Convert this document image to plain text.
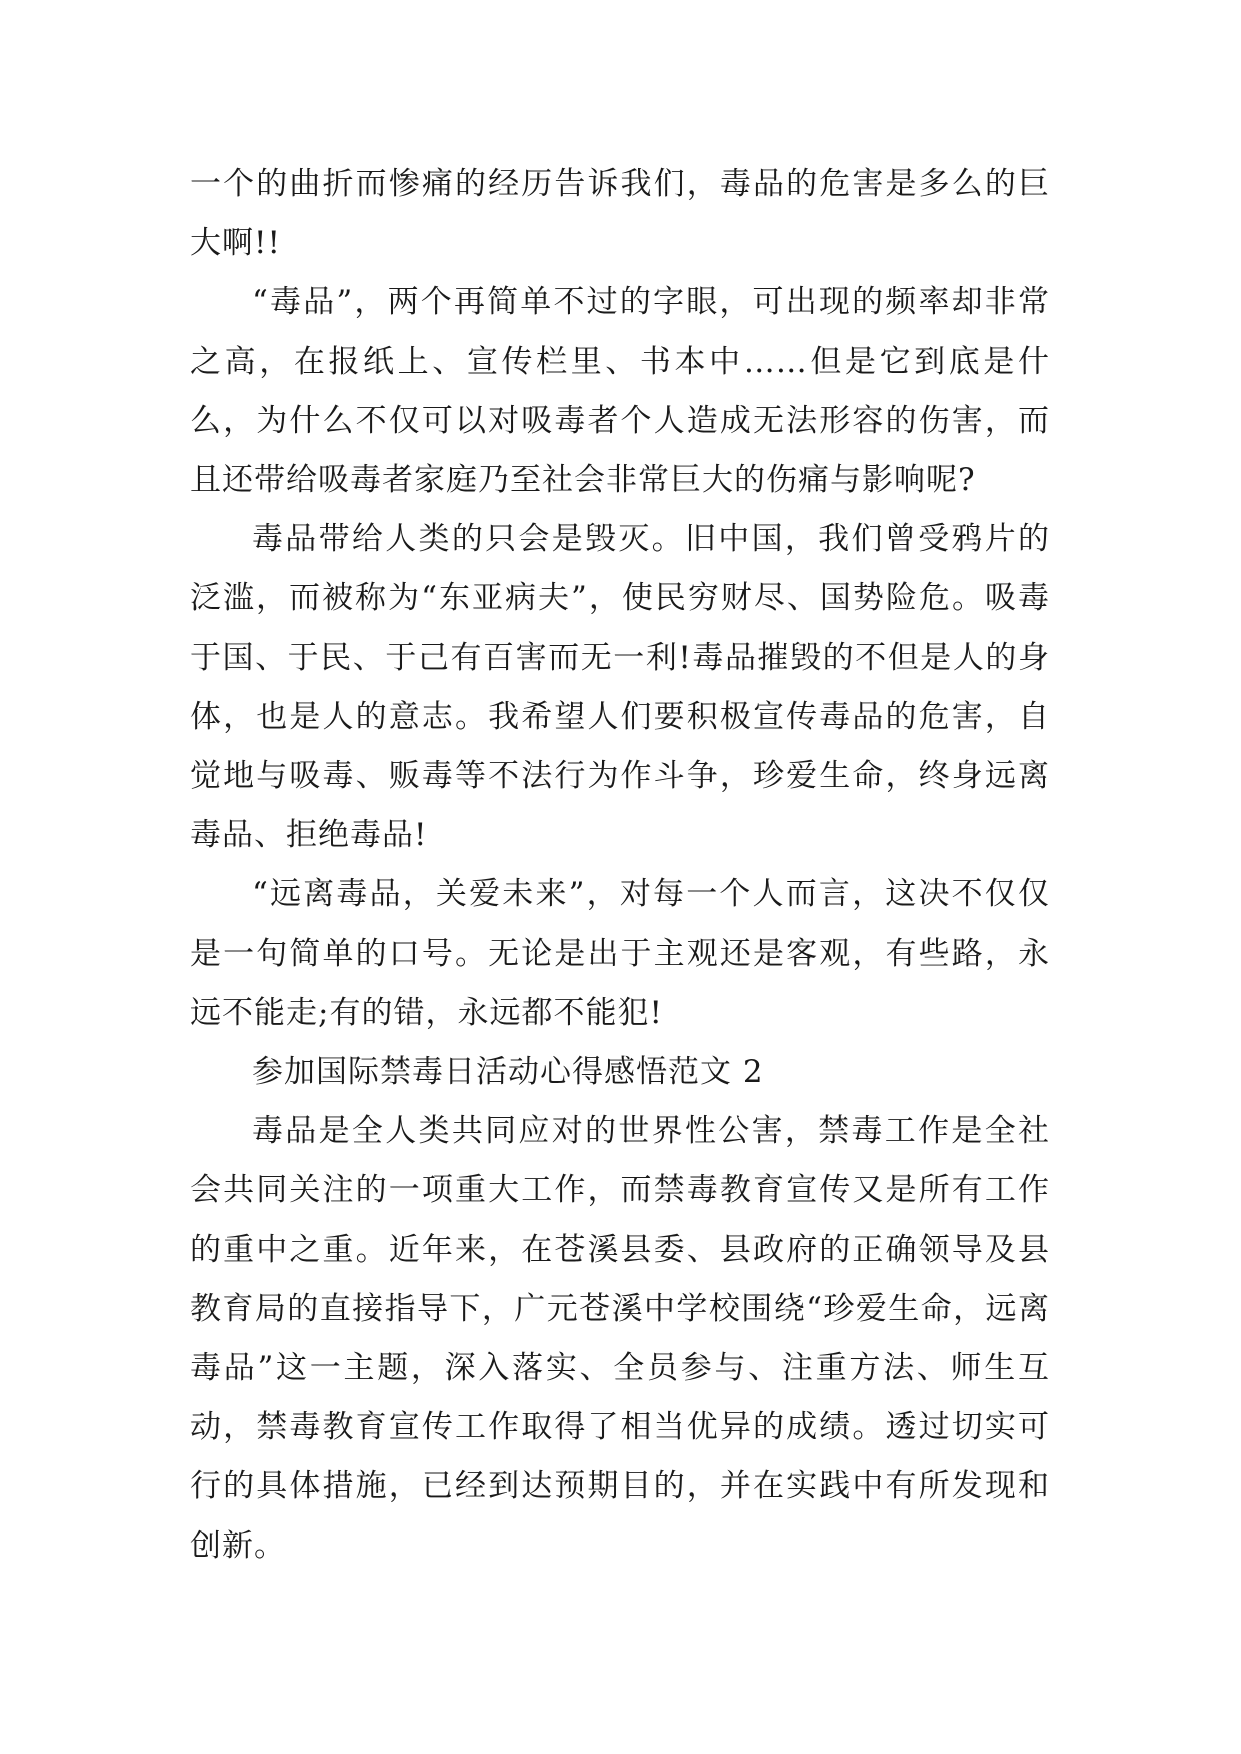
一个的曲折而惨痛的经历告诉我们，毒品的危害是多么的巨大啊!!

“毒品”，两个再简单不过的字眼，可出现的频率却非常之高，在报纸上、宣传栏里、书本中……但是它到底是什么，为什么不仅可以对吸毒者个人造成无法形容的伤害，而且还带给吸毒者家庭乃至社会非常巨大的伤痛与影响呢?

毒品带给人类的只会是毁灭。旧中国，我们曾受鸦片的泛滥，而被称为“东亚病夫”，使民穷财尽、国势险危。吸毒于国、于民、于己有百害而无一利!毒品摧毁的不但是人的身体，也是人的意志。我希望人们要积极宣传毒品的危害，自觉地与吸毒、贩毒等不法行为作斗争，珍爱生命，终身远离毒品、拒绝毒品!

“远离毒品，关爱未来”，对每一个人而言，这决不仅仅是一句简单的口号。无论是出于主观还是客观，有些路，永远不能走;有的错，永远都不能犯!

参加国际禁毒日活动心得感悟范文 2

毒品是全人类共同应对的世界性公害，禁毒工作是全社会共同关注的一项重大工作，而禁毒教育宣传又是所有工作的重中之重。近年来，在苍溪县委、县政府的正确领导及县教育局的直接指导下，广元苍溪中学校围绕“珍爱生命，远离毒品”这一主题，深入落实、全员参与、注重方法、师生互动，禁毒教育宣传工作取得了相当优异的成绩。透过切实可行的具体措施，已经到达预期目的，并在实践中有所发现和创新。
